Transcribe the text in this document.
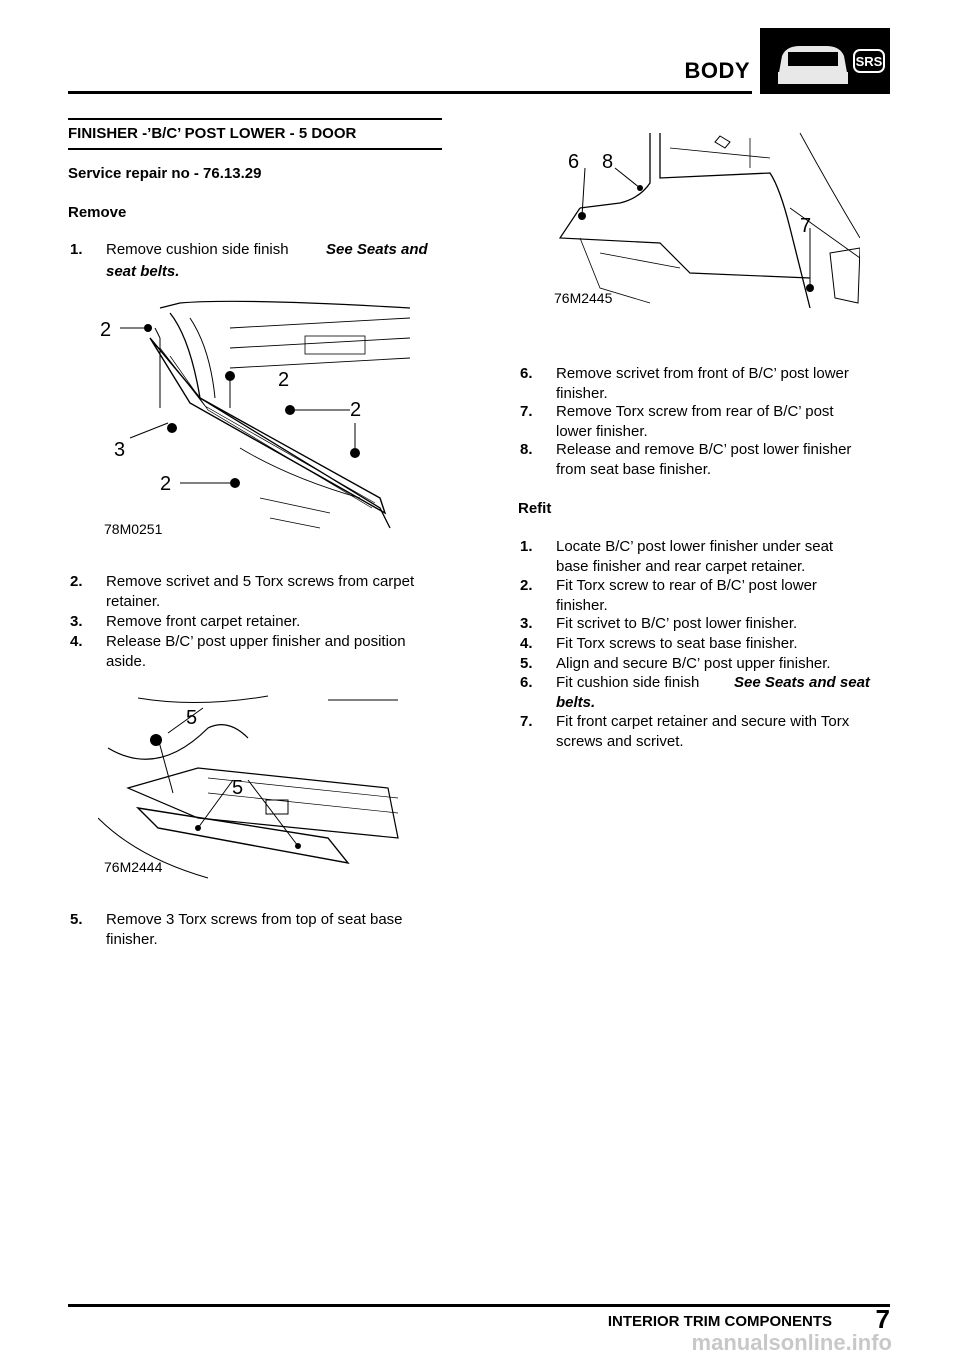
BODY	SRS
FINISHER -’B/C’ POST LOWER - 5 DOOR
Service repair no - 76.13.29
Remove
1. Remove cushion side finish See Seats and
seat belts.
2
2
2
3
2
78M0251
2. Remove scrivet and 5 Torx screws from carpet
retainer.
3. Remove front carpet retainer.
4. Release B/C’ post upper finisher and position
aside.
5
5
76M2444
5. Remove 3 Torx screws from top of seat base
finisher.
6 8
7
76M2445
6. Remove scrivet from front of B/C’ post lower
finisher.
7. Remove Torx screw from rear of B/C’ post
lower finisher.
8. Release and remove B/C’ post lower finisher
from seat base finisher.
Refit
1. Locate B/C’ post lower finisher under seat
base finisher and rear carpet retainer.
2. Fit Torx screw to rear of B/C’ post lower
finisher.
3. Fit scrivet to B/C’ post lower finisher.
4. Fit Torx screws to seat base finisher.
5. Align and secure B/C’ post upper finisher.
6. Fit cushion side finish See Seats and seat
belts.
7. Fit front carpet retainer and secure with Torx
screws and scrivet.
INTERIOR TRIM COMPONENTS 7
manualsonline.info
